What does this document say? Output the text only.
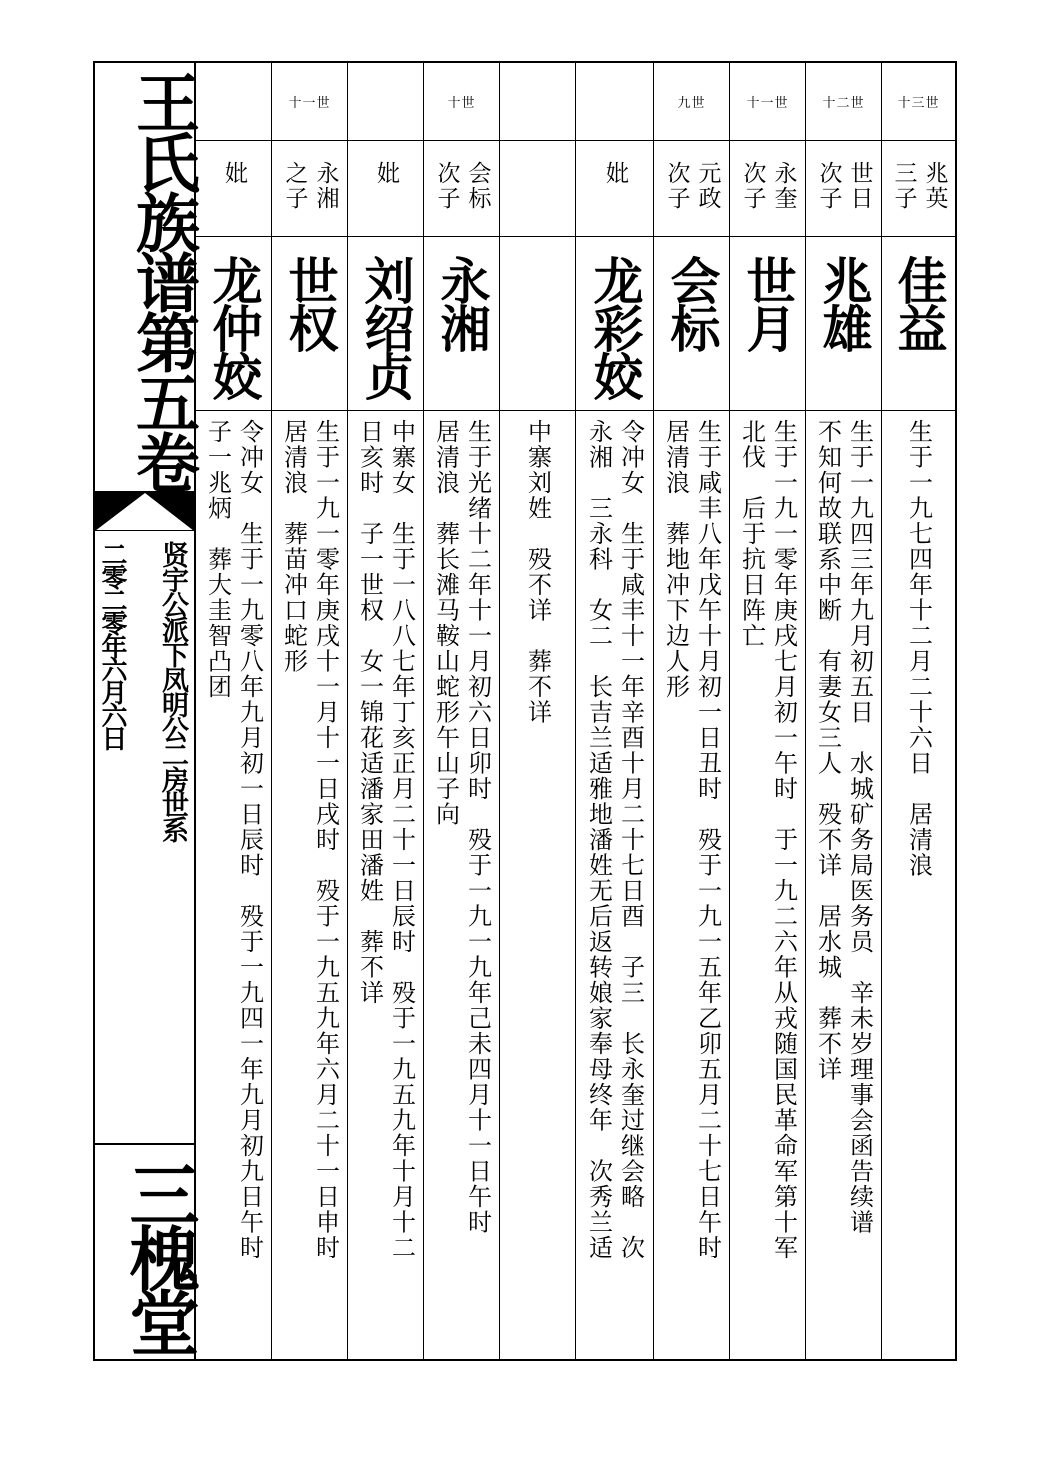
王氏族谱第五卷
贤宇公派下凤明公二房世系
二零二零年六月六日
三槐堂
妣
龙仲姣
令冲女　生于一九零八年九月初一日辰时　殁于一九四一年九月初九日午时
子一兆炳　葬大圭智凸团
十一世
永湘
之子
世权
生于一九一零年庚戌十一月十一日戌时　殁于一九五九年六月二十一日申时
居清浪　葬苗冲口蛇形
妣
刘绍贞
中寨女　生于一八八七年丁亥正月二十一日辰时　殁于一九五九年十月十二
日亥时　子一世权　女一锦花适潘家田潘姓　葬不详
十世
会标
次子
永湘
生于光绪十二年十一月初六日卯时　殁于一九一九年己未四月十一日午时
居清浪　葬长滩马鞍山蛇形午山子向	中寨刘姓　殁不详　葬不详
妣
龙彩姣
令冲女　生于咸丰十一年辛酉十月二十七日酉　子三　长永奎过继会略　次
永湘　三永科　女二　长吉兰适雅地潘姓无后返转娘家奉母终年　次秀兰适
九世
元政
次子
会标
生于咸丰八年戊午十月初一日丑时　殁于一九一五年乙卯五月二十七日午时
居清浪　葬地冲下边人形
十一世
永奎
次子
世月
生于一九一零年庚戌七月初一午时　于一九二六年从戎随国民革命军第十军
北伐　后于抗日阵亡
十二世
世日
次子
兆雄
生于一九四三年九月初五日　水城矿务局医务员　辛未岁理事会函告续谱
不知何故联系中断　有妻女三人　殁不详　居水城　葬不详
十三世
兆英
三子
佳益
生于一九七四年十二月二十六日　居清浪
